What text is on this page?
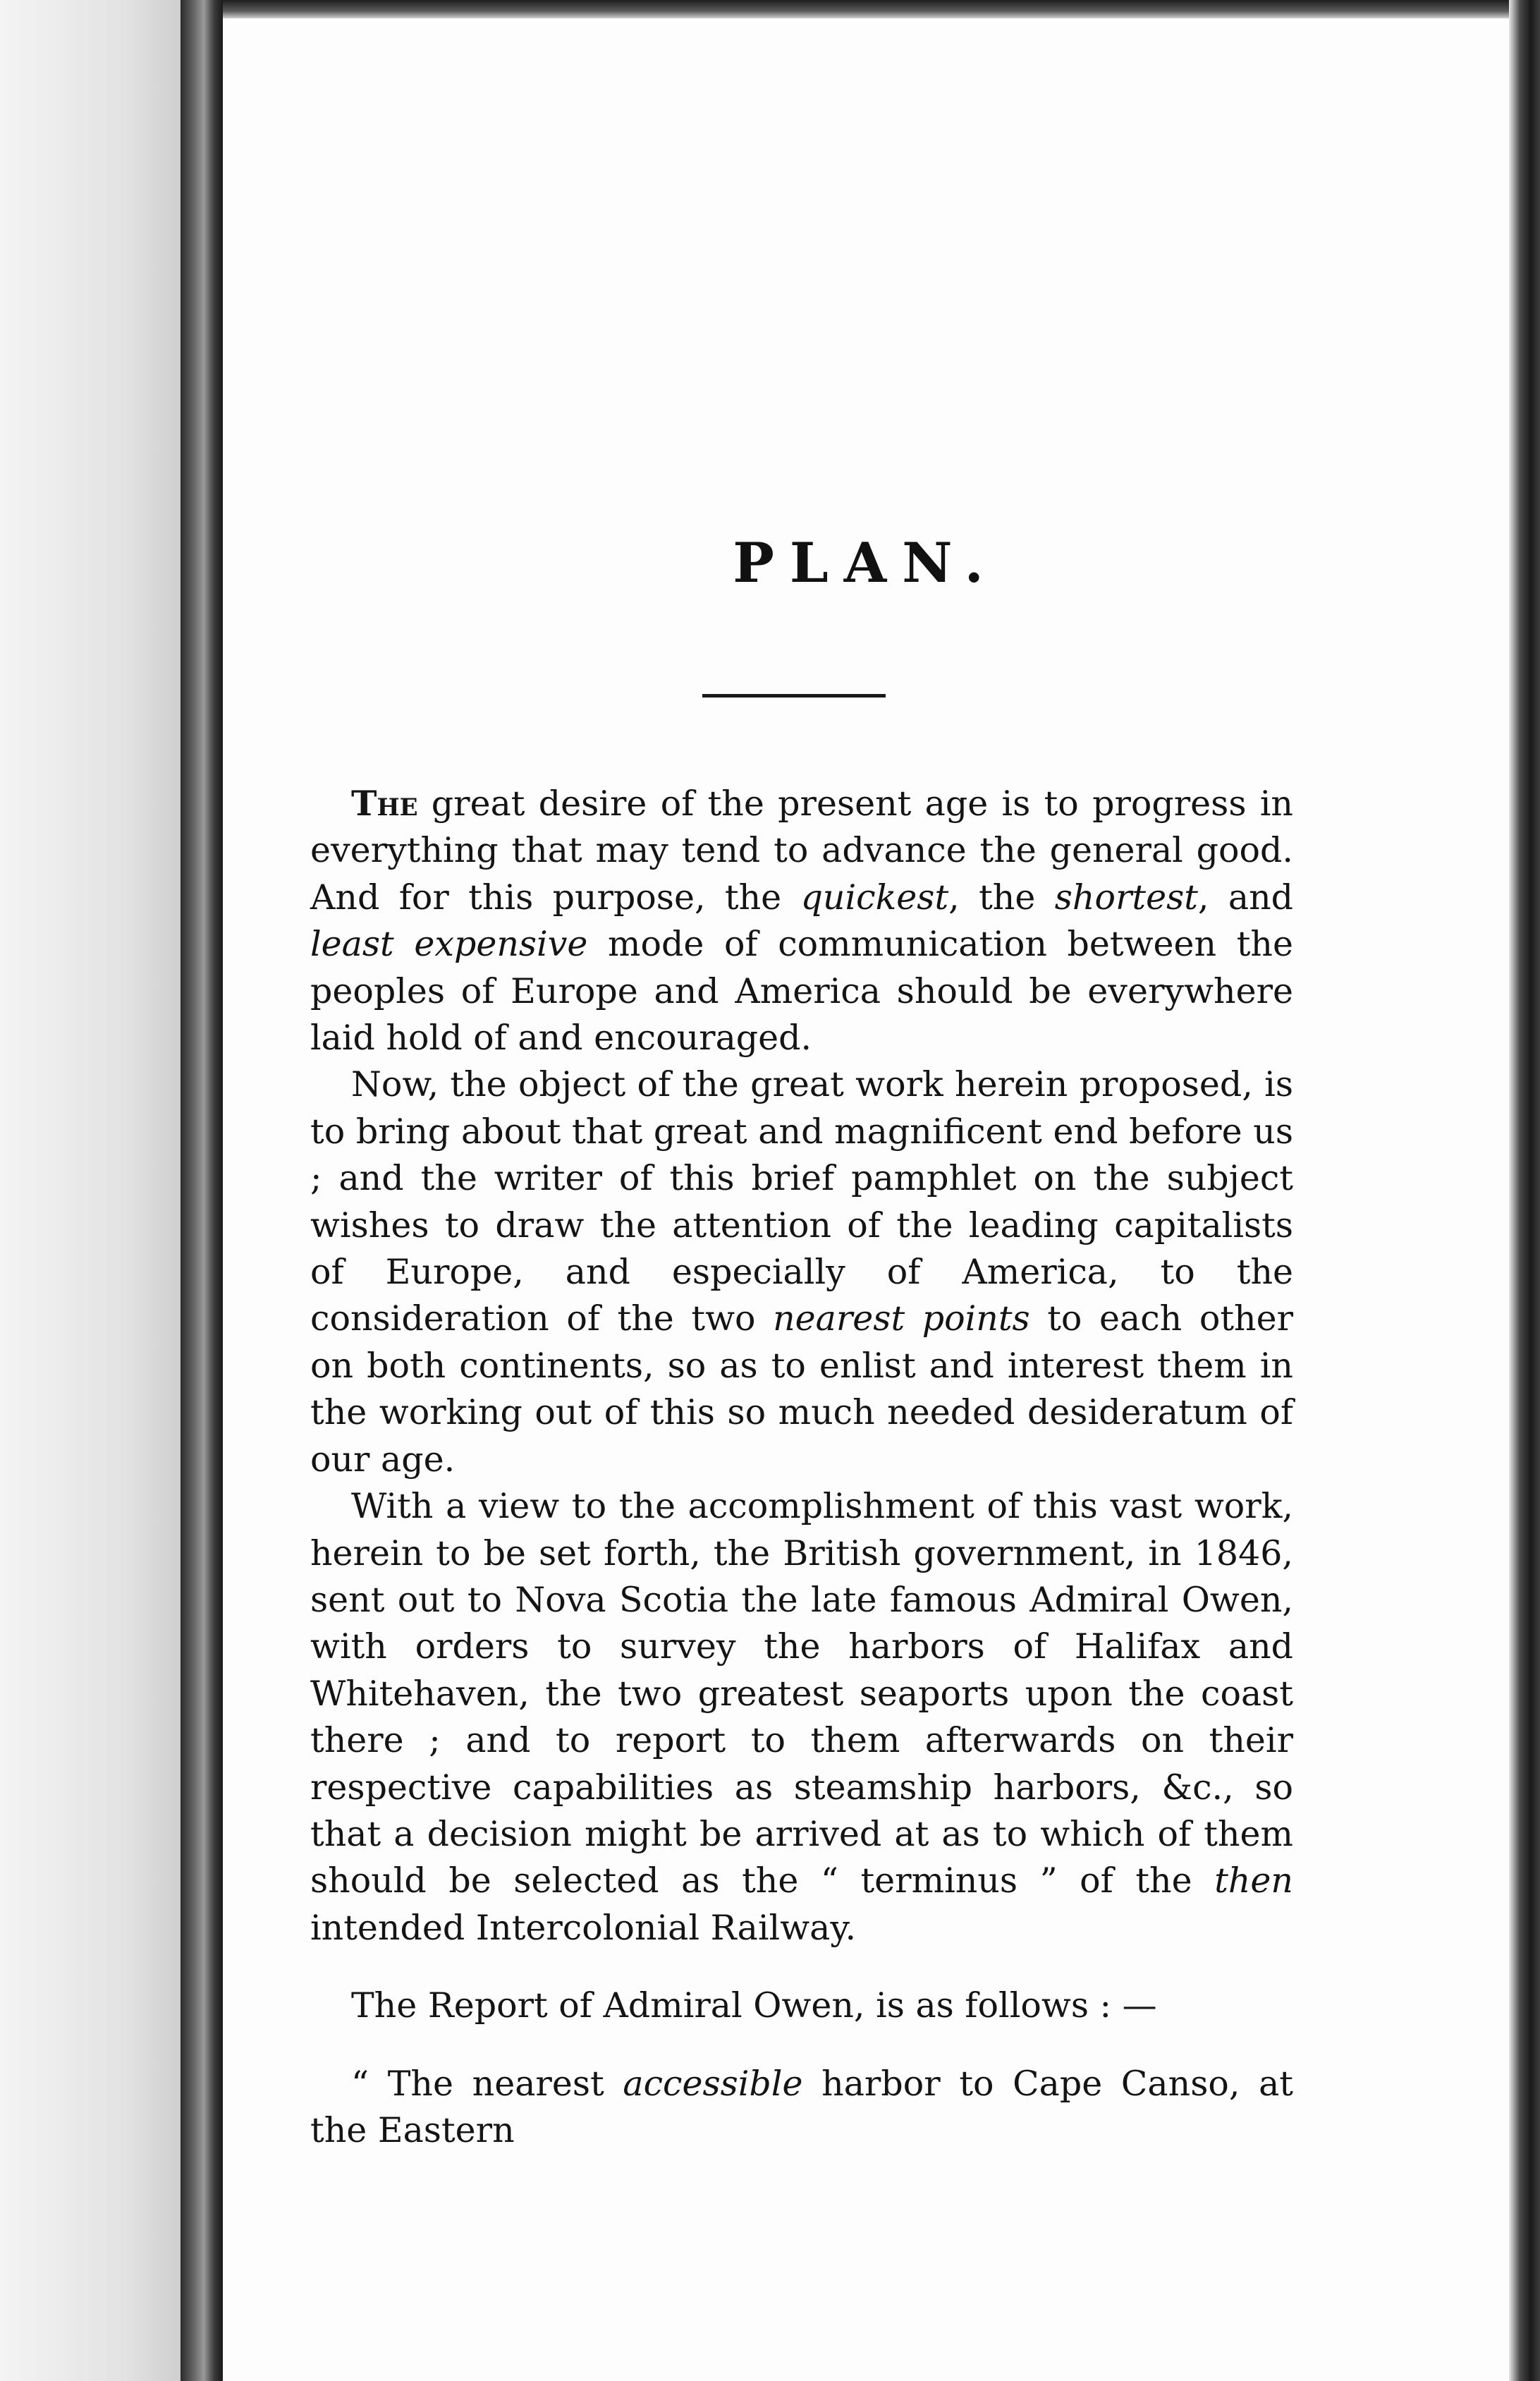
PLAN.

The great desire of the present age is to progress in everything that may tend to advance the general good. And for this purpose, the quickest, the shortest, and least expensive mode of communication between the peoples of Europe and America should be everywhere laid hold of and encouraged.

Now, the object of the great work herein proposed, is to bring about that great and magnificent end before us ; and the writer of this brief pamphlet on the subject wishes to draw the attention of the leading capitalists of Europe, and especially of America, to the consideration of the two nearest points to each other on both continents, so as to enlist and interest them in the working out of this so much needed desideratum of our age.

With a view to the accomplishment of this vast work, herein to be set forth, the British government, in 1846, sent out to Nova Scotia the late famous Admiral Owen, with orders to survey the harbors of Halifax and Whitehaven, the two greatest seaports upon the coast there ; and to report to them afterwards on their respective capabilities as steamship harbors, &c., so that a decision might be arrived at as to which of them should be selected as the “ terminus ” of the then intended Intercolonial Railway.

The Report of Admiral Owen, is as follows : —

“ The nearest accessible harbor to Cape Canso, at the Eastern
